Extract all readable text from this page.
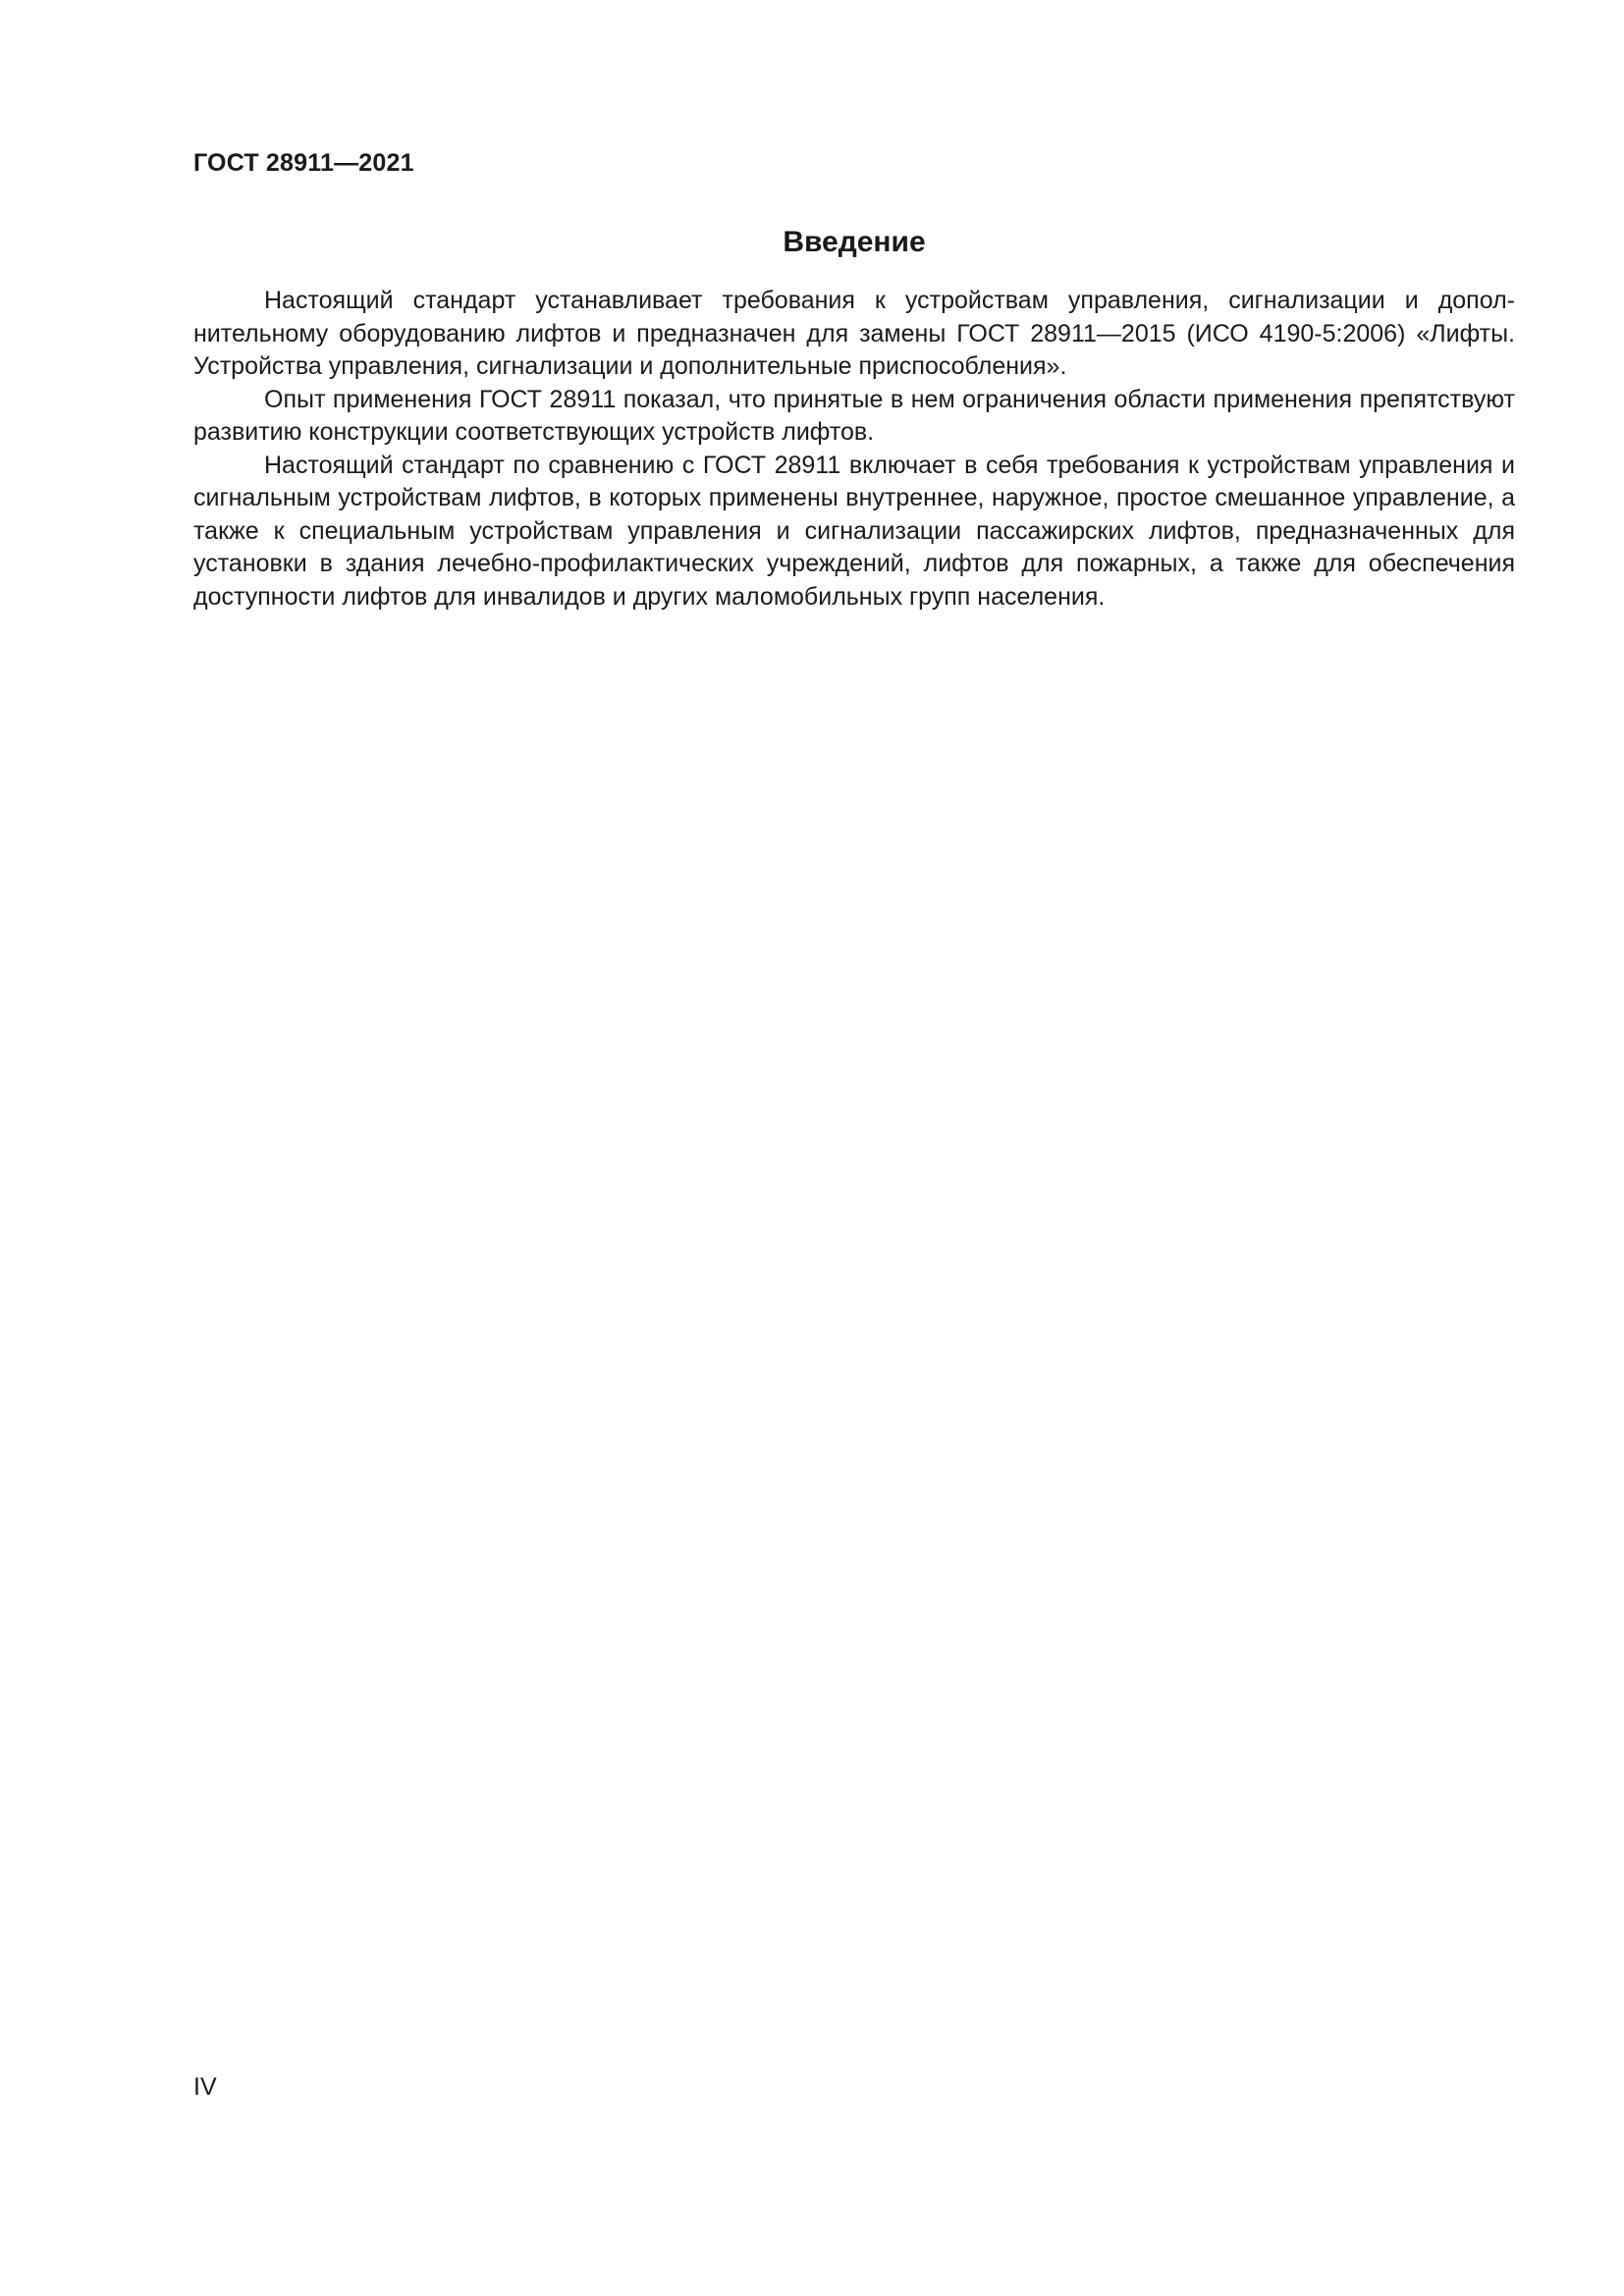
ГОСТ 28911—2021

Введение

Настоящий стандарт устанавливает требования к устройствам управления, сигнализации и дополнительному оборудованию лифтов и предназначен для замены ГОСТ 28911—2015 (ИСО 4190-5:2006) «Лифты. Устройства управления, сигнализации и дополнительные приспособления».

Опыт применения ГОСТ 28911 показал, что принятые в нем ограничения области применения препятствуют развитию конструкции соответствующих устройств лифтов.

Настоящий стандарт по сравнению с ГОСТ 28911 включает в себя требования к устройствам управления и сигнальным устройствам лифтов, в которых применены внутреннее, наружное, простое смешанное управление, а также к специальным устройствам управления и сигнализации пассажирских лифтов, предназначенных для установки в здания лечебно-профилактических учреждений, лифтов для пожарных, а также для обеспечения доступности лифтов для инвалидов и других маломобильных групп населения.

IV
